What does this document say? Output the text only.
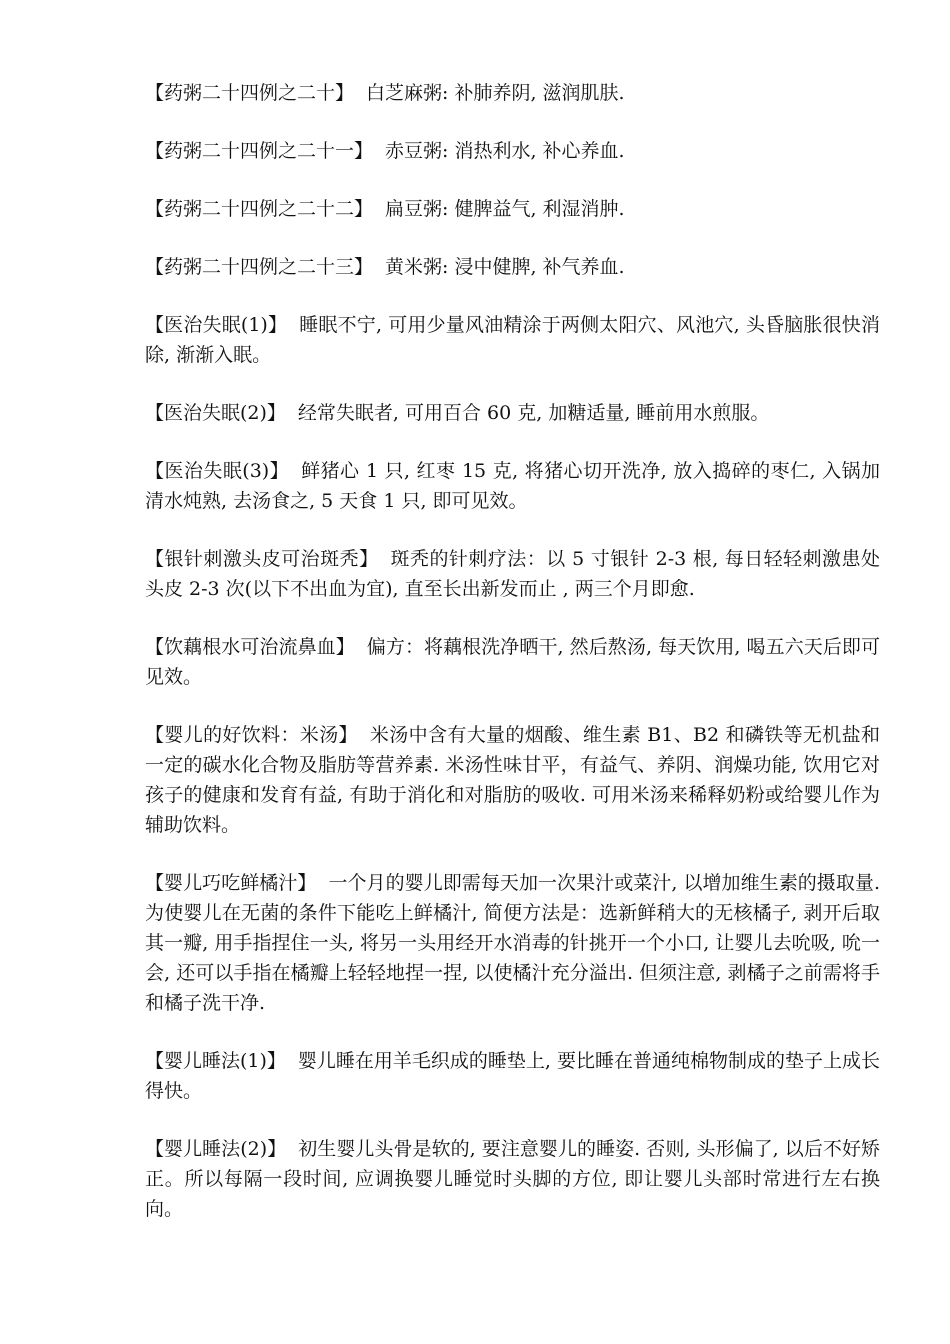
【药粥二十四例之二十】 白芝麻粥: 补肺养阴, 滋润肌肤.

【药粥二十四例之二十一】 赤豆粥: 消热利水, 补心养血.

【药粥二十四例之二十二】 扁豆粥: 健脾益气, 利湿消肿.

【药粥二十四例之二十三】 黄米粥: 浸中健脾, 补气养血.

【医治失眠(1)】 睡眠不宁, 可用少量风油精涂于两侧太阳穴、风池穴, 头昏脑胀很快消除, 渐渐入眠。

【医治失眠(2)】 经常失眠者, 可用百合 60 克, 加糖适量, 睡前用水煎服。

【医治失眠(3)】 鲜猪心 1 只, 红枣 15 克, 将猪心切开洗净, 放入捣碎的枣仁, 入锅加清水炖熟, 去汤食之, 5 天食 1 只, 即可见效。

【银针刺激头皮可治斑秃】 斑秃的针刺疗法：以 5 寸银针 2-3 根, 每日轻轻刺激患处头皮 2-3 次(以下不出血为宜), 直至长出新发而止 , 两三个月即愈.

【饮藕根水可治流鼻血】 偏方：将藕根洗净晒干, 然后熬汤, 每天饮用, 喝五六天后即可见效。

【婴儿的好饮料：米汤】 米汤中含有大量的烟酸、维生素 B1、B2 和磷铁等无机盐和一定的碳水化合物及脂肪等营养素. 米汤性味甘平，有益气、养阴、润燥功能, 饮用它对孩子的健康和发育有益, 有助于消化和对脂肪的吸收. 可用米汤来稀释奶粉或给婴儿作为辅助饮料。

【婴儿巧吃鲜橘汁】 一个月的婴儿即需每天加一次果汁或菜汁, 以增加维生素的摄取量. 为使婴儿在无菌的条件下能吃上鲜橘汁, 简便方法是：选新鲜稍大的无核橘子, 剥开后取其一瓣, 用手指捏住一头, 将另一头用经开水消毒的针挑开一个小口, 让婴儿去吮吸, 吮一会, 还可以手指在橘瓣上轻轻地捏一捏, 以使橘汁充分溢出. 但须注意, 剥橘子之前需将手和橘子洗干净.

【婴儿睡法(1)】 婴儿睡在用羊毛织成的睡垫上, 要比睡在普通纯棉物制成的垫子上成长得快。

【婴儿睡法(2)】 初生婴儿头骨是软的, 要注意婴儿的睡姿. 否则, 头形偏了, 以后不好矫正。所以每隔一段时间, 应调换婴儿睡觉时头脚的方位, 即让婴儿头部时常进行左右换向。
